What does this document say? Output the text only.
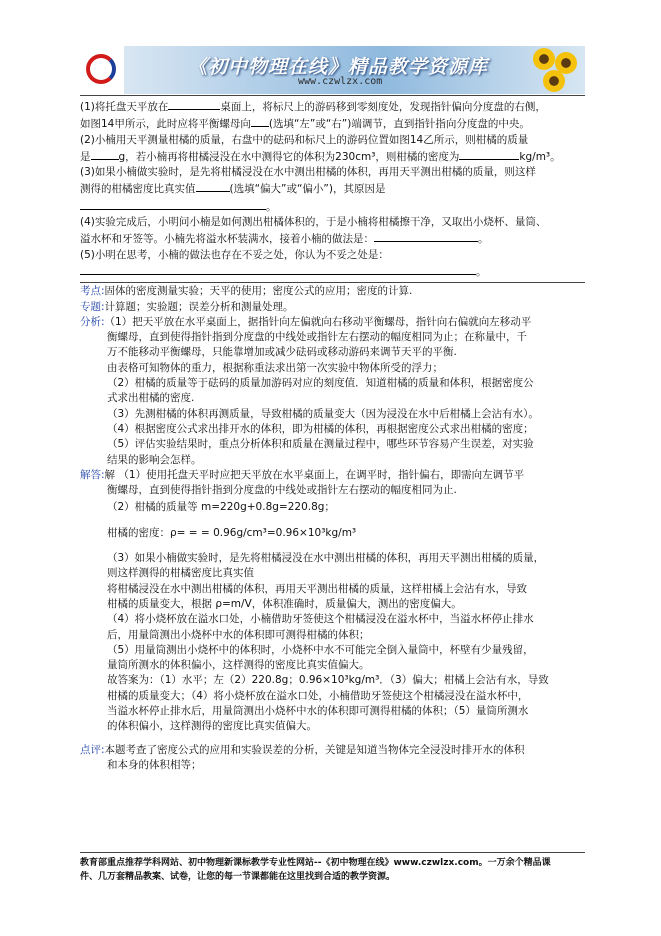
《初中物理在线》精品教学资源库
www.czwlzx.com

(1)将托盘天平放在	桌面上，将标尺上的游码移到零刻度处，发现指针偏向分度盘的右侧，

如图14甲所示，此时应将平衡螺母向 (选填“左”或“右”)端调节，直到指针指向分度盘的中央。

(2)小楠用天平测量柑橘的质量，右盘中的砝码和标尺上的游码位置如图14乙所示，则柑橘的质量

是	g，若小楠再将柑橘浸没在水中测得它的体积为230cm³，则柑橘的密度为	kg/m³。

(3)如果小楠做实验时，是先将柑橘浸没在水中测出柑橘的体积，再用天平测出柑橘的质量，则这样

测得的柑橘密度比真实值	(选填“偏大”或“偏小”)，其原因是

。

(4)实验完成后，小明问小楠是如何测出柑橘体积的，于是小楠将柑橘擦干净，又取出小烧杯、量筒、

溢水杯和牙签等。小楠先将溢水杯装满水，接着小楠的做法是：	。

(5)小明在思考，小楠的做法也存在不妥之处，你认为不妥之处是：

。

考点:固体的密度测量实验；天平的使用；密度公式的应用；密度的计算.

专题:计算题；实验题；误差分析和测量处理。

分析:（1）把天平放在水平桌面上，据指针向左偏就向右移动平衡螺母，指针向右偏就向左移动平

衡螺母，直到使得指针指到分度盘的中线处或指针左右摆动的幅度相同为止；在称量中，千

万不能移动平衡螺母，只能靠增加或减少砝码或移动游码来调节天平的平衡.

由表格可知物体的重力，根据称重法求出第一次实验中物体所受的浮力；

（2）柑橘的质量等于砝码的质量加游码对应的刻度值．知道柑橘的质量和体积，根据密度公

式求出柑橘的密度.

（3）先测柑橘的体积再测质量，导致柑橘的质量变大（因为浸没在水中后柑橘上会沾有水）。

（4）根据密度公式求出排开水的体积，即为柑橘的体积，再根据密度公式求出柑橘的密度；

（5）评估实验结果时，重点分析体积和质量在测量过程中，哪些环节容易产生误差，对实验

结果的影响会怎样。

解答:解 （1）使用托盘天平时应把天平放在水平桌面上，在调平时，指针偏右，即需向左调节平

衡螺母，直到使得指针指到分度盘的中线处或指针左右摆动的幅度相同为止.

（2）柑橘的质量等 m=220g+0.8g=220.8g；

柑橘的密度：ρ= = = 0.96g/cm³=0.96×10³kg/m³

（3）如果小楠做实验时，是先将柑橘浸没在水中测出柑橘的体积，再用天平测出柑橘的质量，

则这样测得的柑橘密度比真实值

将柑橘浸没在水中测出柑橘的体积，再用天平测出柑橘的质量，这样柑橘上会沾有水，导致

柑橘的质量变大，根据 ρ=m/V，体积准确时，质量偏大，测出的密度偏大。

（4）将小烧杯放在溢水口处，小楠借助牙签使这个柑橘浸没在溢水杯中，当溢水杯停止排水

后，用量筒测出小烧杯中水的体积即可测得柑橘的体积；

（5）用量筒测出小烧杯中的体积时，小烧杯中水不可能完全倒入量筒中，杯壁有少量残留，

量筒所测水的体积偏小，这样测得的密度比真实值偏大。

故答案为：（1）水平；左（2）220.8g；0.96×10³kg/m³．（3）偏大；柑橘上会沾有水，导致

柑橘的质量变大；（4）将小烧杯放在溢水口处，小楠借助牙签使这个柑橘浸没在溢水杯中，

当溢水杯停止排水后，用量筒测出小烧杯中水的体积即可测得柑橘的体积；（5）量筒所测水

的体积偏小，这样测得的密度比真实值偏大。

点评:本题考查了密度公式的应用和实验误差的分析，关键是知道当物体完全浸没时排开水的体积

和本身的体积相等；

教育部重点推荐学科网站、初中物理新课标教学专业性网站--《初中物理在线》www.czwlzx.com。一万余个精品课
件、几万套精品教案、试卷，让您的每一节课都能在这里找到合适的教学资源。
